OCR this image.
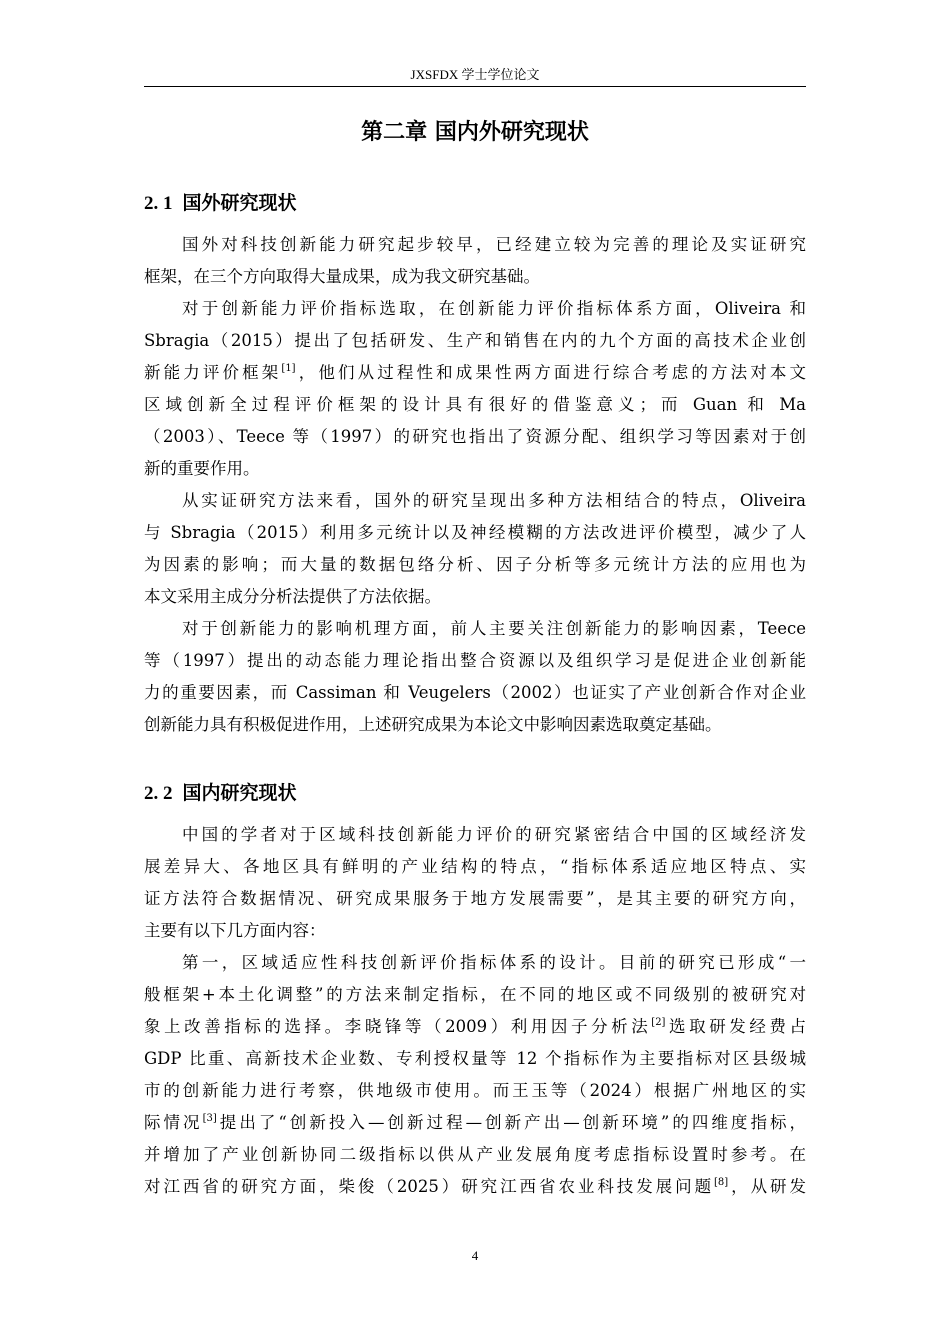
JXSFDX 学士学位论文
第二章 国内外研究现状
2. 1 国外研究现状
国外对科技创新能力研究起步较早，已经建立较为完善的理论及实证研究
框架，在三个方向取得大量成果，成为我文研究基础。
对于创新能力评价指标选取，在创新能力评价指标体系方面，Oliveira 和
Sbragia（2015）提出了包括研发、生产和销售在内的九个方面的高技术企业创
新能力评价框架[1]，他们从过程性和成果性两方面进行综合考虑的方法对本文
区域创新全过程评价框架的设计具有很好的借鉴意义；而 Guan 和 Ma
（2003）、Teece 等（1997）的研究也指出了资源分配、组织学习等因素对于创
新的重要作用。
从实证研究方法来看，国外的研究呈现出多种方法相结合的特点，Oliveira
与 Sbragia（2015）利用多元统计以及神经模糊的方法改进评价模型，减少了人
为因素的影响；而大量的数据包络分析、因子分析等多元统计方法的应用也为
本文采用主成分分析法提供了方法依据。
对于创新能力的影响机理方面，前人主要关注创新能力的影响因素，Teece
等（1997）提出的动态能力理论指出整合资源以及组织学习是促进企业创新能
力的重要因素，而 Cassiman 和 Veugelers（2002）也证实了产业创新合作对企业
创新能力具有积极促进作用，上述研究成果为本论文中影响因素选取奠定基础。
2. 2 国内研究现状
中国的学者对于区域科技创新能力评价的研究紧密结合中国的区域经济发
展差异大、各地区具有鲜明的产业结构的特点，“指标体系适应地区特点、实
证方法符合数据情况、研究成果服务于地方发展需要”，是其主要的研究方向，
主要有以下几方面内容：
第一，区域适应性科技创新评价指标体系的设计。目前的研究已形成“一
般框架+本土化调整”的方法来制定指标，在不同的地区或不同级别的被研究对
象上改善指标的选择。李晓锋等（2009）利用因子分析法[2]选取研发经费占
GDP 比重、高新技术企业数、专利授权量等 12 个指标作为主要指标对区县级城
市的创新能力进行考察，供地级市使用。而王玉等（2024）根据广州地区的实
际情况[3]提出了“创新投入—创新过程—创新产出—创新环境”的四维度指标，
并增加了产业创新协同二级指标以供从产业发展角度考虑指标设置时参考。在
对江西省的研究方面，柴俊（2025）研究江西省农业科技发展问题[8]，从研发
4
